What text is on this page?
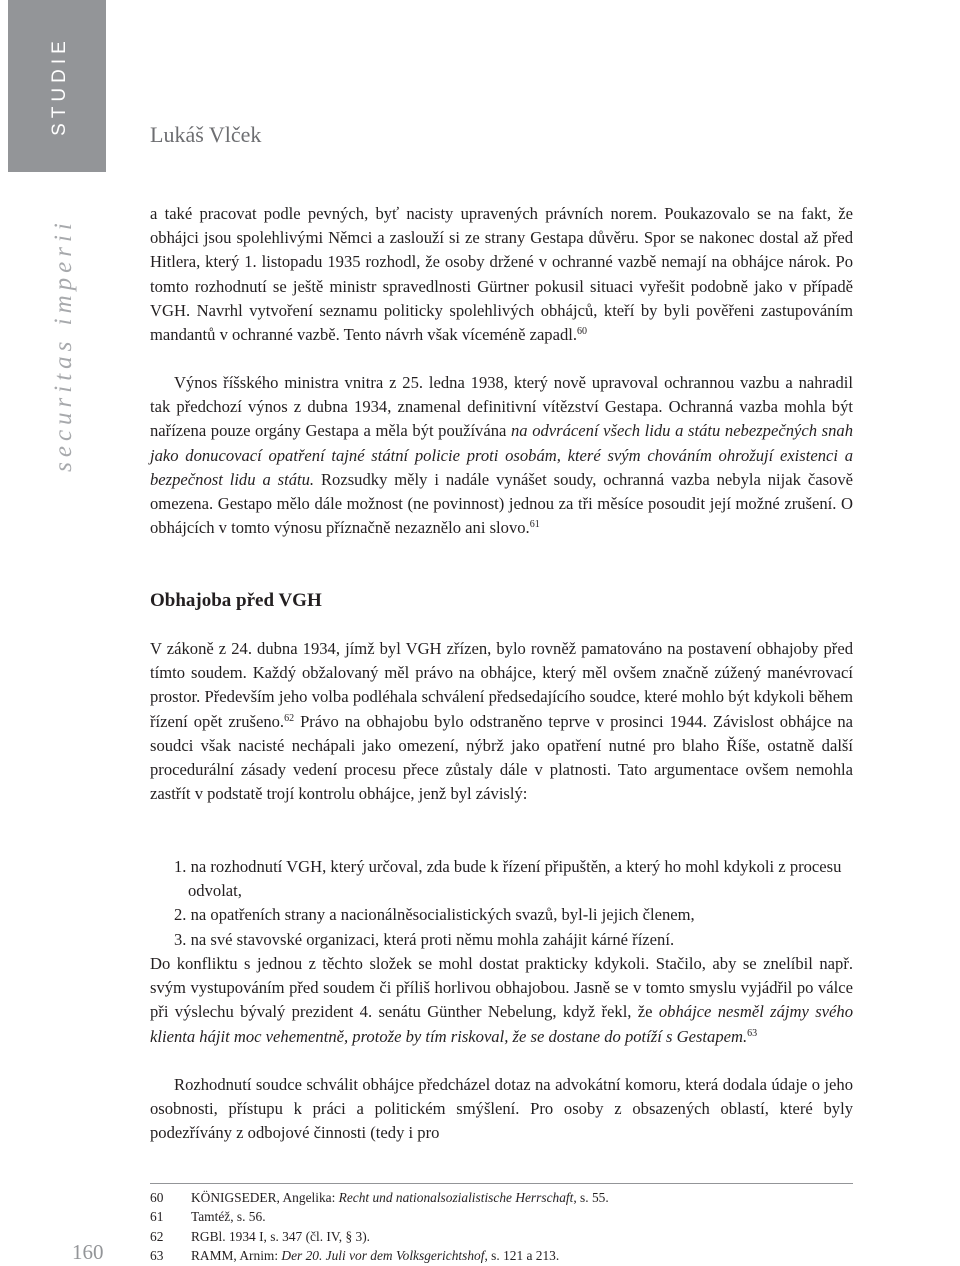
STUDIE
securitas imperii
Lukáš Vlček

a také pracovat podle pevných, byť nacisty upravených právních norem. Poukazovalo se na fakt, že obhájci jsou spolehlivými Němci a zaslouží si ze strany Gestapa důvěru. Spor se nakonec dostal až před Hitlera, který 1. listopadu 1935 rozhodl, že osoby držené v ochranné vazbě nemají na obhájce nárok. Po tomto rozhodnutí se ještě ministr spravedlnosti Gürtner pokusil situaci vyřešit podobně jako v případě VGH. Navrhl vytvoření seznamu politicky spolehlivých obhájců, kteří by byli pověřeni zastupováním mandantů v ochranné vazbě. Tento návrh však víceméně zapadl.$^{60}$

Výnos říšského ministra vnitra z 25. ledna 1938, který nově upravoval ochrannou vazbu a nahradil tak předchozí výnos z dubna 1934, znamenal definitivní vítězství Gestapa. Ochranná vazba mohla být nařízena pouze orgány Gestapa a měla být používána na odvrácení všech lidu a státu nebezpečných snah jako donucovací opatření tajné státní policie proti osobám, které svým chováním ohrožují existenci a bezpečnost lidu a státu. Rozsudky měly i nadále vynášet soudy, ochranná vazba nebyla nijak časově omezena. Gestapo mělo dále možnost (ne povinnost) jednou za tři měsíce posoudit její možné zrušení. O obhájcích v tomto výnosu příznačně nezaznělo ani slovo.$^{61}$

Obhajoba před VGH

V zákoně z 24. dubna 1934, jímž byl VGH zřízen, bylo rovněž pamatováno na postavení obhajoby před tímto soudem. Každý obžalovaný měl právo na obhájce, který měl ovšem značně zúžený manévrovací prostor. Především jeho volba podléhala schválení předsedajícího soudce, které mohlo být kdykoli během řízení opět zrušeno.$^{62}$ Právo na obhajobu bylo odstraněno teprve v prosinci 1944. Závislost obhájce na soudci však nacisté nechápali jako omezení, nýbrž jako opatření nutné pro blaho Říše, ostatně další procedurální zásady vedení procesu přece zůstaly dále v platnosti. Tato argumentace ovšem nemohla zastřít v podstatě trojí kontrolu obhájce, jenž byl závislý:

1. na rozhodnutí VGH, který určoval, zda bude k řízení připuštěn, a který ho mohl kdykoli z procesu odvolat,
2. na opatřeních strany a nacionálněsocialistických svazů, byl-li jejich členem,
3. na své stavovské organizaci, která proti němu mohla zahájit kárné řízení.

Do konfliktu s jednou z těchto složek se mohl dostat prakticky kdykoli. Stačilo, aby se znelíbil např. svým vystupováním před soudem či příliš horlivou obhajobou. Jasně se v tomto smyslu vyjádřil po válce při výslechu bývalý prezident 4. senátu Günther Nebelung, když řekl, že obhájce nesměl zájmy svého klienta hájit moc vehementně, protože by tím riskoval, že se dostane do potíží s Gestapem.$^{63}$

Rozhodnutí soudce schválit obhájce předcházel dotaz na advokátní komoru, která dodala údaje o jeho osobnosti, přístupu k práci a politickém smýšlení. Pro osoby z obsazených oblastí, které byly podezřívány z odbojové činnosti (tedy i pro

60 KÖNIGSEDER, Angelika: Recht und nationalsozialistische Herrschaft, s. 55.
61 Tamtéž, s. 56.
62 RGBl. 1934 I, s. 347 (čl. IV, § 3).
63 RAMM, Arnim: Der 20. Juli vor dem Volksgerichtshof, s. 121 a 213.
160
